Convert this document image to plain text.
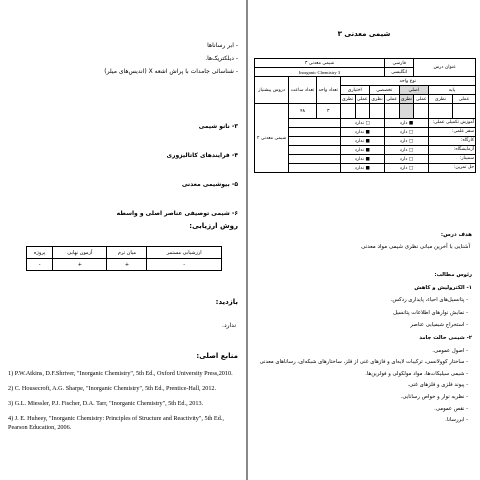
- ابر رسانا‌ها
- دیلکتریک‌ها.
- شناسائی جامدات با پراش اشعه X (اندیس‌های میلر)
۳- نانو شیمی
۴- فرایندهای کاتالیزوری
۵- بیوشیمی معدنی
۶- شیمی توصیفی عناصر اصلی و واسطه
روش ارزیابی:
ارزشیابی مستمر	میان ترم	آزمون نهایی	پروژه
-	+	+	-
بازدید:
ندارد.
منابع اصلی:
1) P.W.Atkins, D.F.Shriver, "Inorganic Chemistry", 5th Ed., Oxford University Press,2010.
2) C. Housecroft, A.G. Sharpe, "Inorganic Chemistry", 5th Ed., Prentice-Hall, 2012.
3) G.L. Miessler, P.J. Fischer, D.A. Tarr, "Inorganic Chemistry", 5th Ed., 2013.
4) J. E. Huheey, "Inorganic Chemistry: Principles of Structure and Reactivity", 5th Ed., Pearson Education, 2006.
شیمی معدنی ۳
عنوان درس			فارسی		شیمی معدنی ۳					
			انگلیسی		Inorganic Chemistry 3					
نوع واحد								تعداد واحد	تعداد ساعت	دروس پیشنیاز
پایه		اصلی		تخصصی		اختیاری				
عملی	نظری	عملی	نظری	عملی	نظری	عملی	نظری			
								۳	۴۸	شیمی معدنی ۲
آموزش تکمیلی عملی:		■ دارد			□ ندارد					
سفر علمی:		□ دارد			■ ندارد					
کارگاه:		□ دارد			■ ندارد					
آزمایشگاه:		□ دارد			■ ندارد					
سمینار:		□ دارد			■ ندارد					
حل تمرین:		□ دارد			■ ندارد					
هدف درس:
آشنایی با آخرین مبانی نظری شیمی مواد معدنی
رئوس مطالب:
۱- الکترولیش و کاهش
- پتانسیل‌های احیاء، پایداری ردکس.
- نمایش نوارهای اطلاعات پتانسیل
- استخراج شیمیایی عناصر
۲- شیمی حالت جامد
- اصول عمومی.
- ساختار کوولانسی، ترکیبات لایه‌ای و فازهای غنی از فلز، ساختار‌های شبکه‌ای، رساناهای معدنی
- شیمی سیلیکات‌ها، مواد مولکولی و فولرین‌ها.
- پیوند فلزی و فلزهای غنی.
- نظریه نوار و خواص رسانایی.
- نقص عمومی.
- ابررسانا.
